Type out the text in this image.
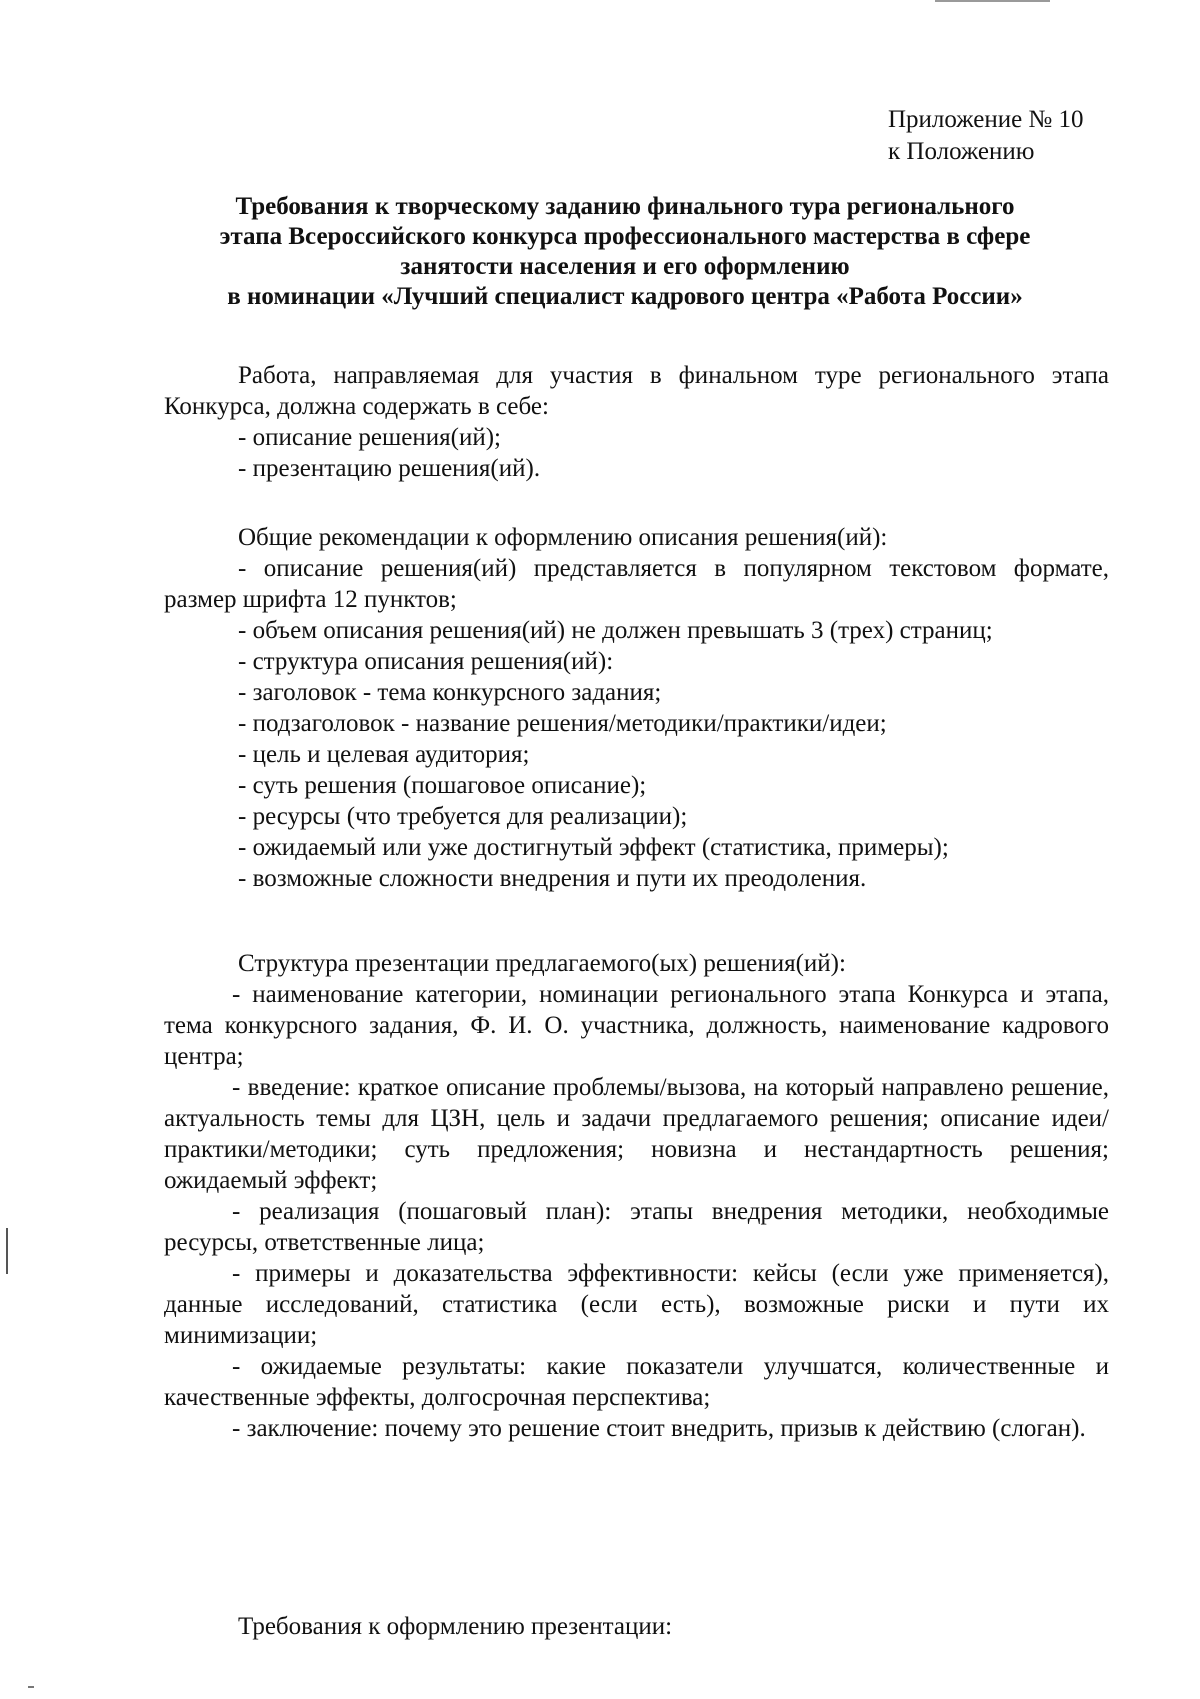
Приложение № 10
к Положению
Требования к творческому заданию финального тура регионального
этапа Всероссийского конкурса профессионального мастерства в сфере
занятости населения и его оформлению
в номинации «Лучший специалист кадрового центра «Работа России»

Работа, направляемая для участия в финальном туре регионального этапа Конкурса, должна содержать в себе:

- описание решения(ий);
- презентацию решения(ий).
Общие рекомендации к оформлению описания решения(ий):

- описание решения(ий) представляется в популярном текстовом формате, размер шрифта 12 пунктов;

- объем описания решения(ий) не должен превышать 3 (трех) страниц;
- структура описания решения(ий):
- заголовок - тема конкурсного задания;
- подзаголовок - название решения/методики/практики/идеи;
- цель и целевая аудитория;
- суть решения (пошаговое описание);
- ресурсы (что требуется для реализации);
- ожидаемый или уже достигнутый эффект (статистика, примеры);
- возможные сложности внедрения и пути их преодоления.
Структура презентации предлагаемого(ых) решения(ий):

- наименование категории, номинации регионального этапа Конкурса и этапа, тема конкурсного задания, Ф. И. О. участника, должность, наименование кадрового центра;

- введение: краткое описание проблемы/вызова, на который направлено решение, актуальность темы для ЦЗН, цель и задачи предлагаемого решения; описание идеи/практики/методики; суть предложения; новизна и нестандартность решения; ожидаемый эффект;

- реализация (пошаговый план): этапы внедрения методики, необходимые ресурсы, ответственные лица;

- примеры и доказательства эффективности: кейсы (если уже применяется), данные исследований, статистика (если есть), возможные риски и пути их минимизации;

- ожидаемые результаты: какие показатели улучшатся, количественные и качественные эффекты, долгосрочная перспектива;

- заключение: почему это решение стоит внедрить, призыв к действию (слоган).

Требования к оформлению презентации:
